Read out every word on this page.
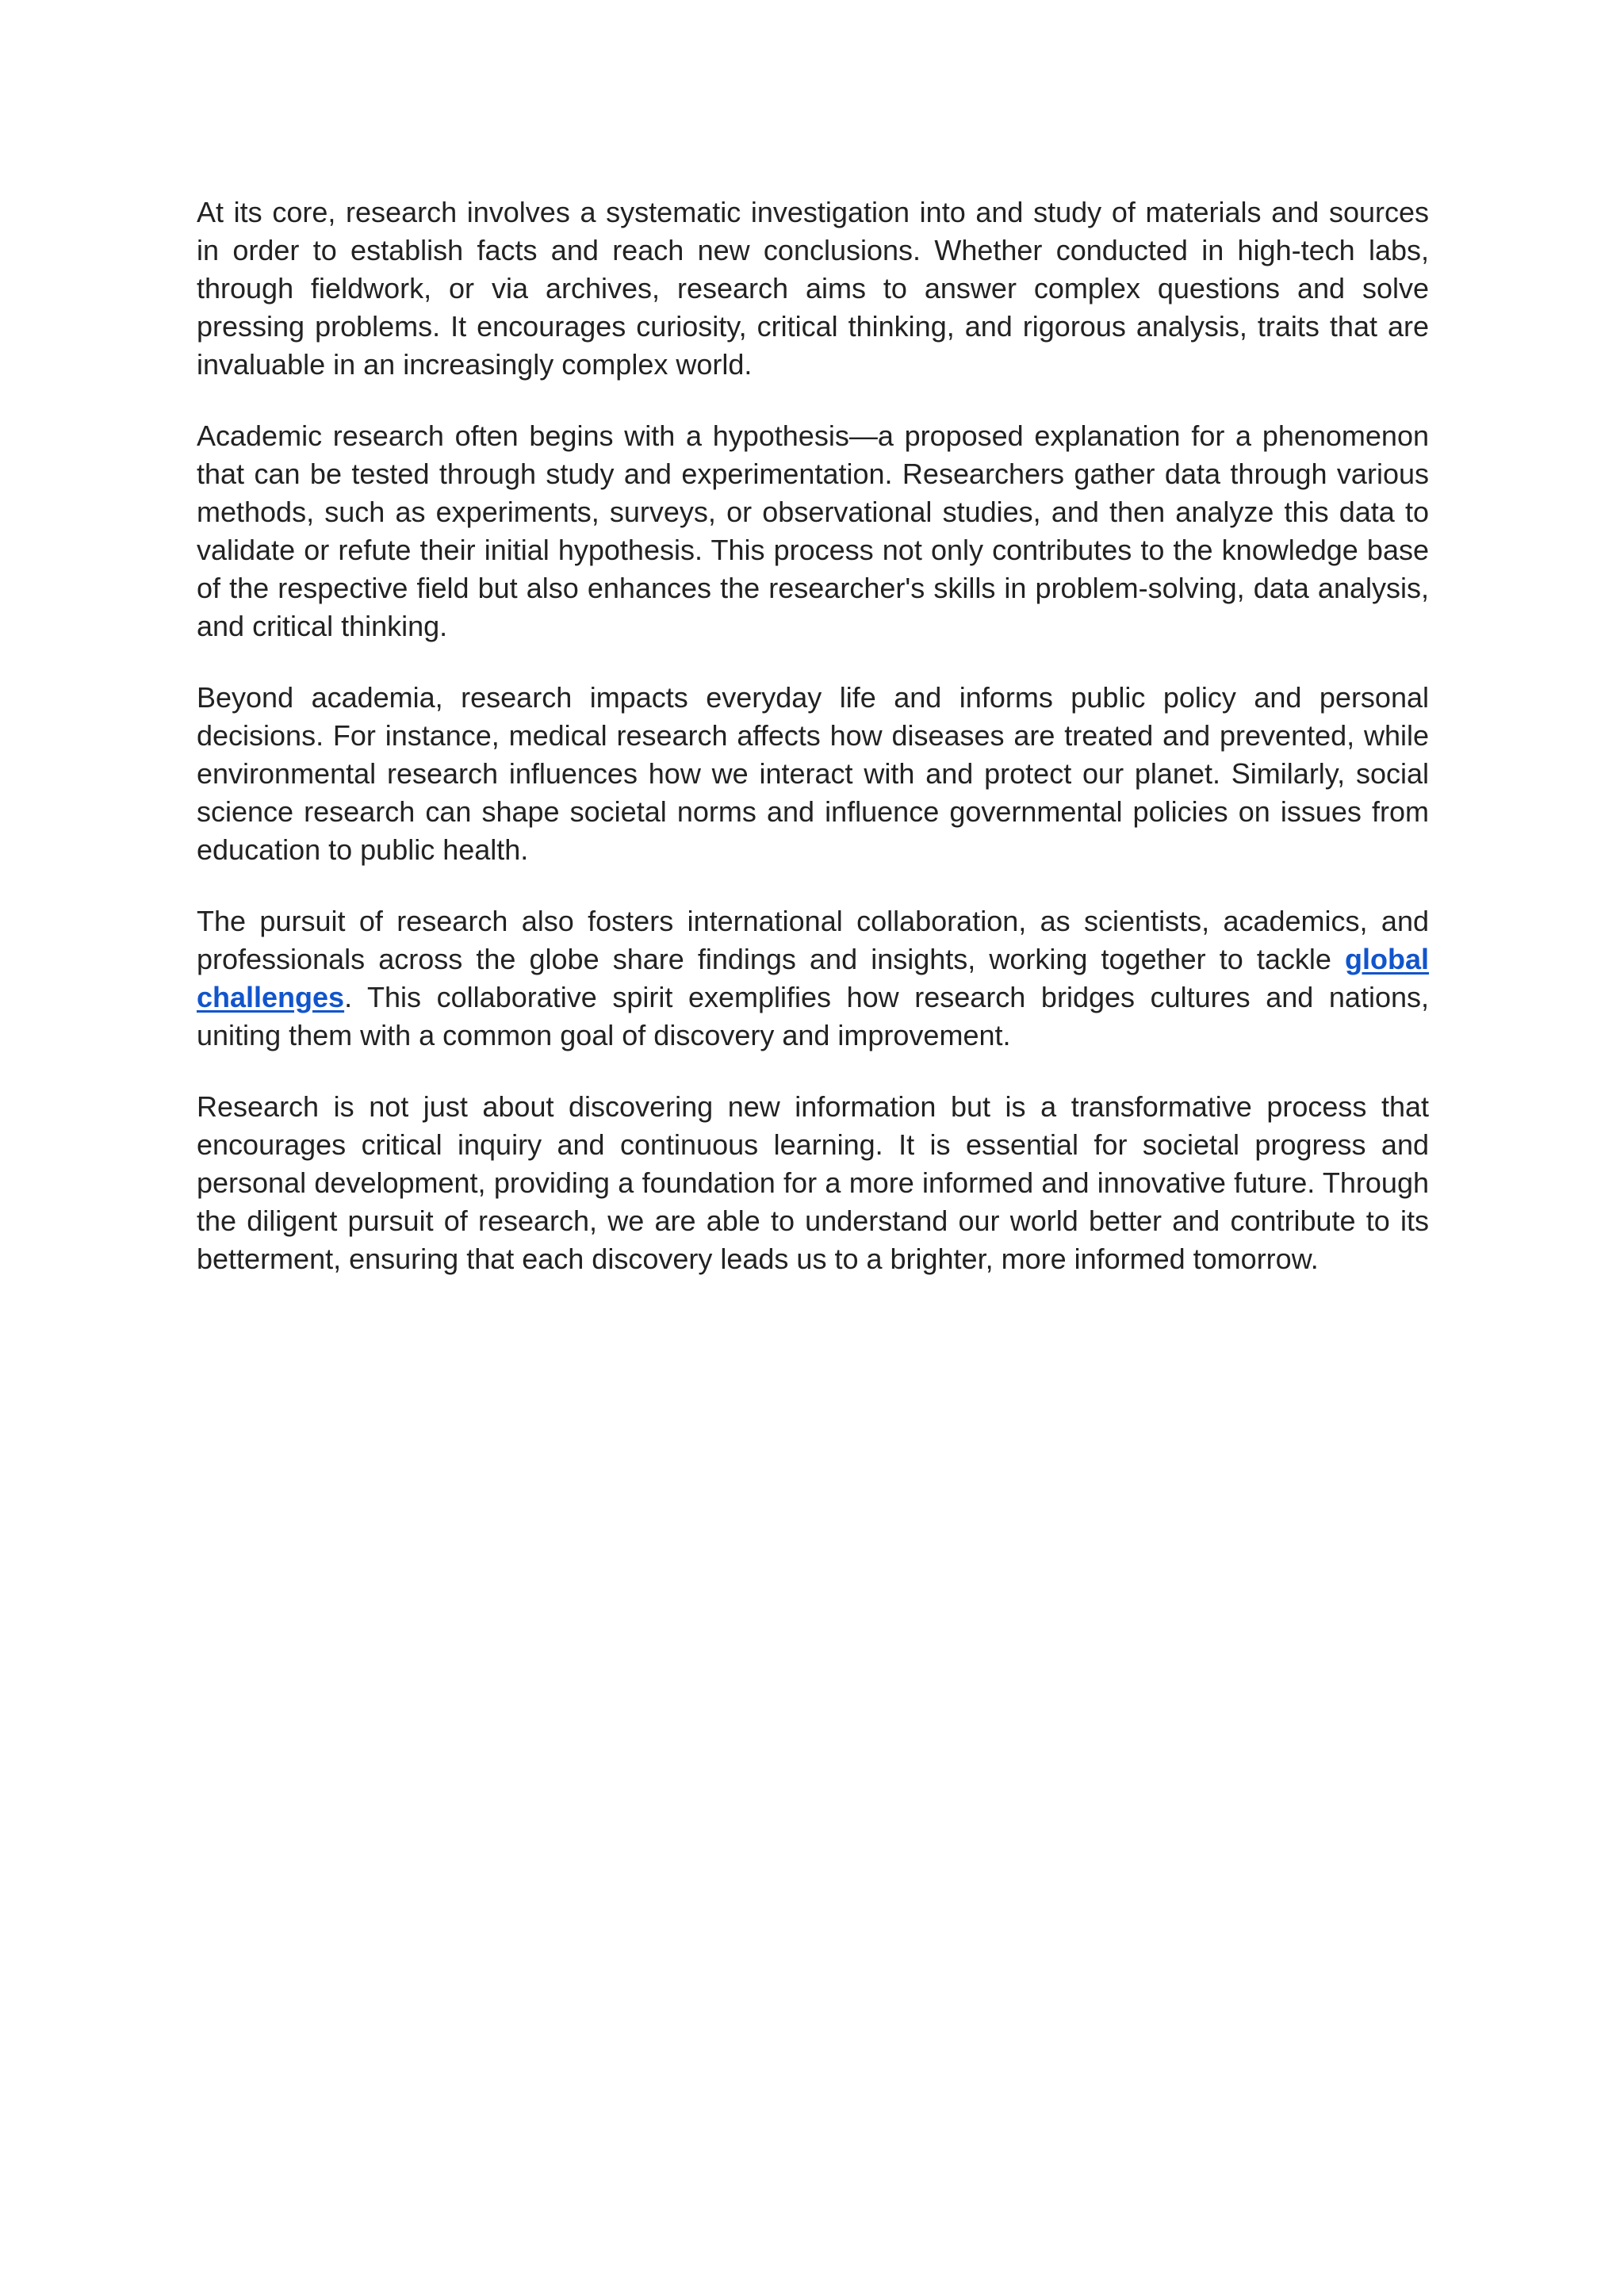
At its core, research involves a systematic investigation into and study of materials and sources in order to establish facts and reach new conclusions. Whether conducted in high-tech labs, through fieldwork, or via archives, research aims to answer complex questions and solve pressing problems. It encourages curiosity, critical thinking, and rigorous analysis, traits that are invaluable in an increasingly complex world.

Academic research often begins with a hypothesis—a proposed explanation for a phenomenon that can be tested through study and experimentation. Researchers gather data through various methods, such as experiments, surveys, or observational studies, and then analyze this data to validate or refute their initial hypothesis. This process not only contributes to the knowledge base of the respective field but also enhances the researcher's skills in problem-solving, data analysis, and critical thinking.

Beyond academia, research impacts everyday life and informs public policy and personal decisions. For instance, medical research affects how diseases are treated and prevented, while environmental research influences how we interact with and protect our planet. Similarly, social science research can shape societal norms and influence governmental policies on issues from education to public health.

The pursuit of research also fosters international collaboration, as scientists, academics, and professionals across the globe share findings and insights, working together to tackle global challenges. This collaborative spirit exemplifies how research bridges cultures and nations, uniting them with a common goal of discovery and improvement.

Research is not just about discovering new information but is a transformative process that encourages critical inquiry and continuous learning. It is essential for societal progress and personal development, providing a foundation for a more informed and innovative future. Through the diligent pursuit of research, we are able to understand our world better and contribute to its betterment, ensuring that each discovery leads us to a brighter, more informed tomorrow.
